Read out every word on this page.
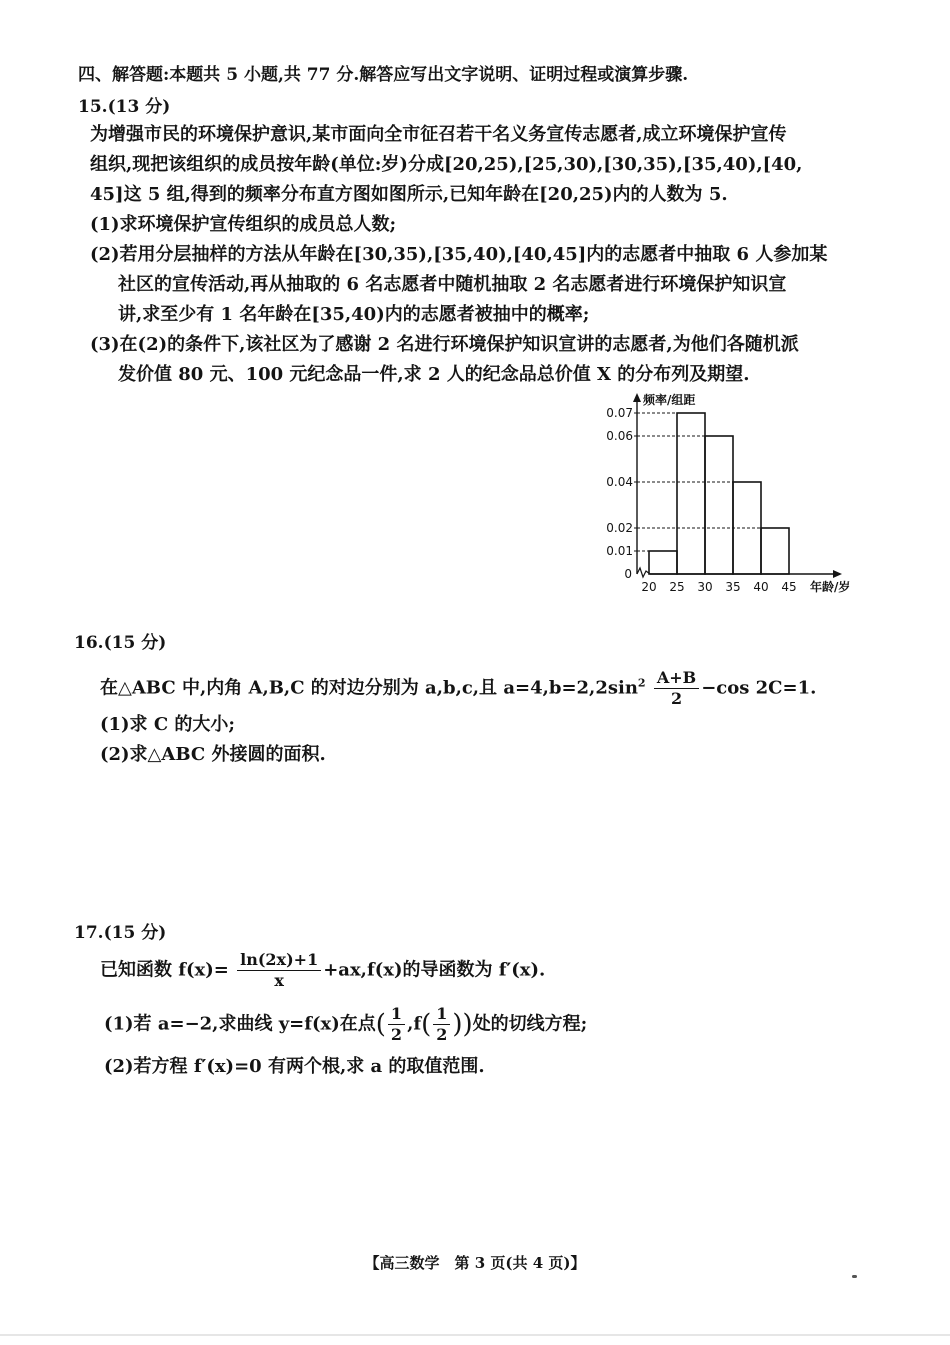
四、解答题:本题共 5 小题,共 77 分.解答应写出文字说明、证明过程或演算步骤.
15.(13 分)
为增强市民的环境保护意识,某市面向全市征召若干名义务宣传志愿者,成立环境保护宣传
组织,现把该组织的成员按年龄(单位:岁)分成[20,25),[25,30),[30,35),[35,40),[40,
45]这 5 组,得到的频率分布直方图如图所示,已知年龄在[20,25)内的人数为 5.
(1)求环境保护宣传组织的成员总人数;
(2)若用分层抽样的方法从年龄在[30,35),[35,40),[40,45]内的志愿者中抽取 6 人参加某
社区的宣传活动,再从抽取的 6 名志愿者中随机抽取 2 名志愿者进行环境保护知识宣
讲,求至少有 1 名年龄在[35,40)内的志愿者被抽中的概率;
(3)在(2)的条件下,该社区为了感谢 2 名进行环境保护知识宣讲的志愿者,为他们各随机派
发价值 80 元、100 元纪念品一件,求 2 人的纪念品总价值 X 的分布列及期望.
0.01
0.02
0.04
0.06
0.07
20 25 30 35 40 45
0
频率/组距
年龄/岁
16.(15 分)
在△ABC 中,内角 A,B,C 的对边分别为 a,b,c,且 $a=4,b=2,2\sin^2 \frac{A+B}{2} -\cos$ 2C=1.
(1)求 C 的大小;
(2)求△ABC 外接圆的面积.
17.(15 分)
已知函数 $f(x)= \frac{\ln(2x)+1}{x} +ax,f(x)$的导函数为 f′(x).
(1)若 a=−2,求曲线 y=f(x)在点( $\frac{1}{2} ,f( \frac{1}{2}$ ))处的切线方程;
(2)若方程 f′(x)=0 有两个根,求 a 的取值范围.
【高三数学　第 3 页(共 4 页)】
